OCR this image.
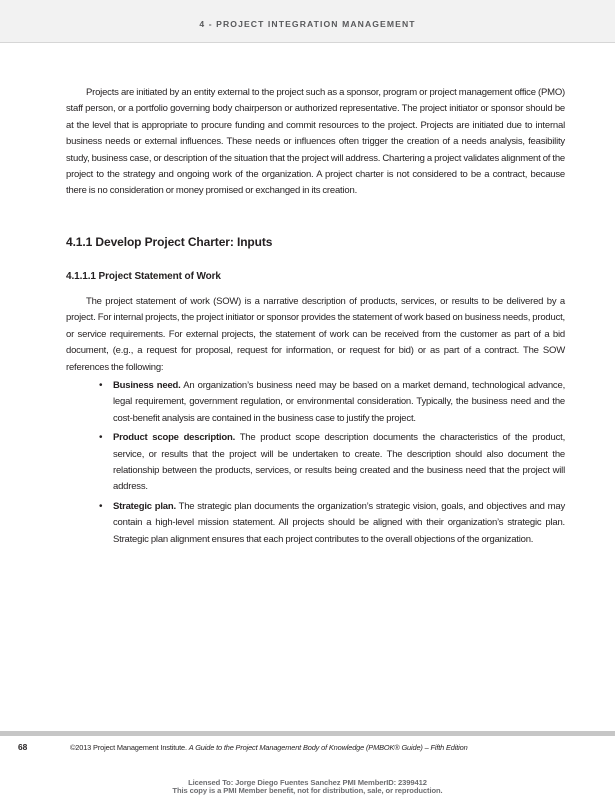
4 - PROJECT INTEGRATION MANAGEMENT

Projects are initiated by an entity external to the project such as a sponsor, program or project management office (PMO) staff person, or a portfolio governing body chairperson or authorized representative. The project initiator or sponsor should be at the level that is appropriate to procure funding and commit resources to the project. Projects are initiated due to internal business needs or external influences. These needs or influences often trigger the creation of a needs analysis, feasibility study, business case, or description of the situation that the project will address. Chartering a project validates alignment of the project to the strategy and ongoing work of the organization. A project charter is not considered to be a contract, because there is no consideration or money promised or exchanged in its creation.

4.1.1 Develop Project Charter: Inputs
4.1.1.1 Project Statement of Work

The project statement of work (SOW) is a narrative description of products, services, or results to be delivered by a project. For internal projects, the project initiator or sponsor provides the statement of work based on business needs, product, or service requirements. For external projects, the statement of work can be received from the customer as part of a bid document, (e.g., a request for proposal, request for information, or request for bid) or as part of a contract. The SOW references the following:

• Business need. An organization’s business need may be based on a market demand, technological advance, legal requirement, government regulation, or environmental consideration. Typically, the business need and the cost-benefit analysis are contained in the business case to justify the project.
• Product scope description. The product scope description documents the characteristics of the product, service, or results that the project will be undertaken to create. The description should also document the relationship between the products, services, or results being created and the business need that the project will address.
• Strategic plan. The strategic plan documents the organization’s strategic vision, goals, and objectives and may contain a high-level mission statement. All projects should be aligned with their organization’s strategic plan. Strategic plan alignment ensures that each project contributes to the overall objections of the organization.
68	©2013 Project Management Institute. A Guide to the Project Management Body of Knowledge (PMBOK® Guide) – Fifth Edition
Licensed To: Jorge Diego Fuentes Sanchez PMI MemberID: 2399412
This copy is a PMI Member benefit, not for distribution, sale, or reproduction.
